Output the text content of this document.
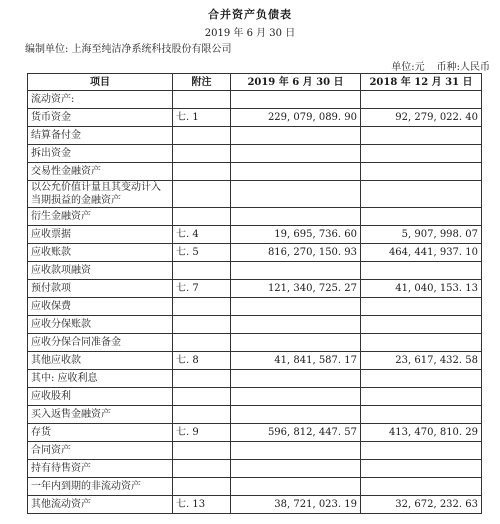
合并资产负债表
2019 年 6 月 30 日
编制单位: 上海至纯洁净系统科技股份有限公司
单位:元 币种:人民币
项目	附注	2019 年 6 月 30 日	2018 年 12 月 31 日
流动资产:			
货币资金	七. 1	229, 079, 089. 90	92, 279, 022. 40
结算备付金			
拆出资金			
交易性金融资产			
以公允价值计量且其变动计入当期损益的金融资产			
衍生金融资产			
应收票据	七. 4	19, 695, 736. 60	5, 907, 998. 07
应收账款	七. 5	816, 270, 150. 93	464, 441, 937. 10
应收款项融资			
预付款项	七. 7	121, 340, 725. 27	41, 040, 153. 13
应收保费			
应收分保账款			
应收分保合同准备金			
其他应收款	七. 8	41, 841, 587. 17	23, 617, 432. 58
其中: 应收利息			
应收股利			
买入返售金融资产			
存货	七. 9	596, 812, 447. 57	413, 470, 810. 29
合同资产			
持有待售资产			
一年内到期的非流动资产			
其他流动资产	七. 13	38, 721, 023. 19	32, 672, 232. 63
